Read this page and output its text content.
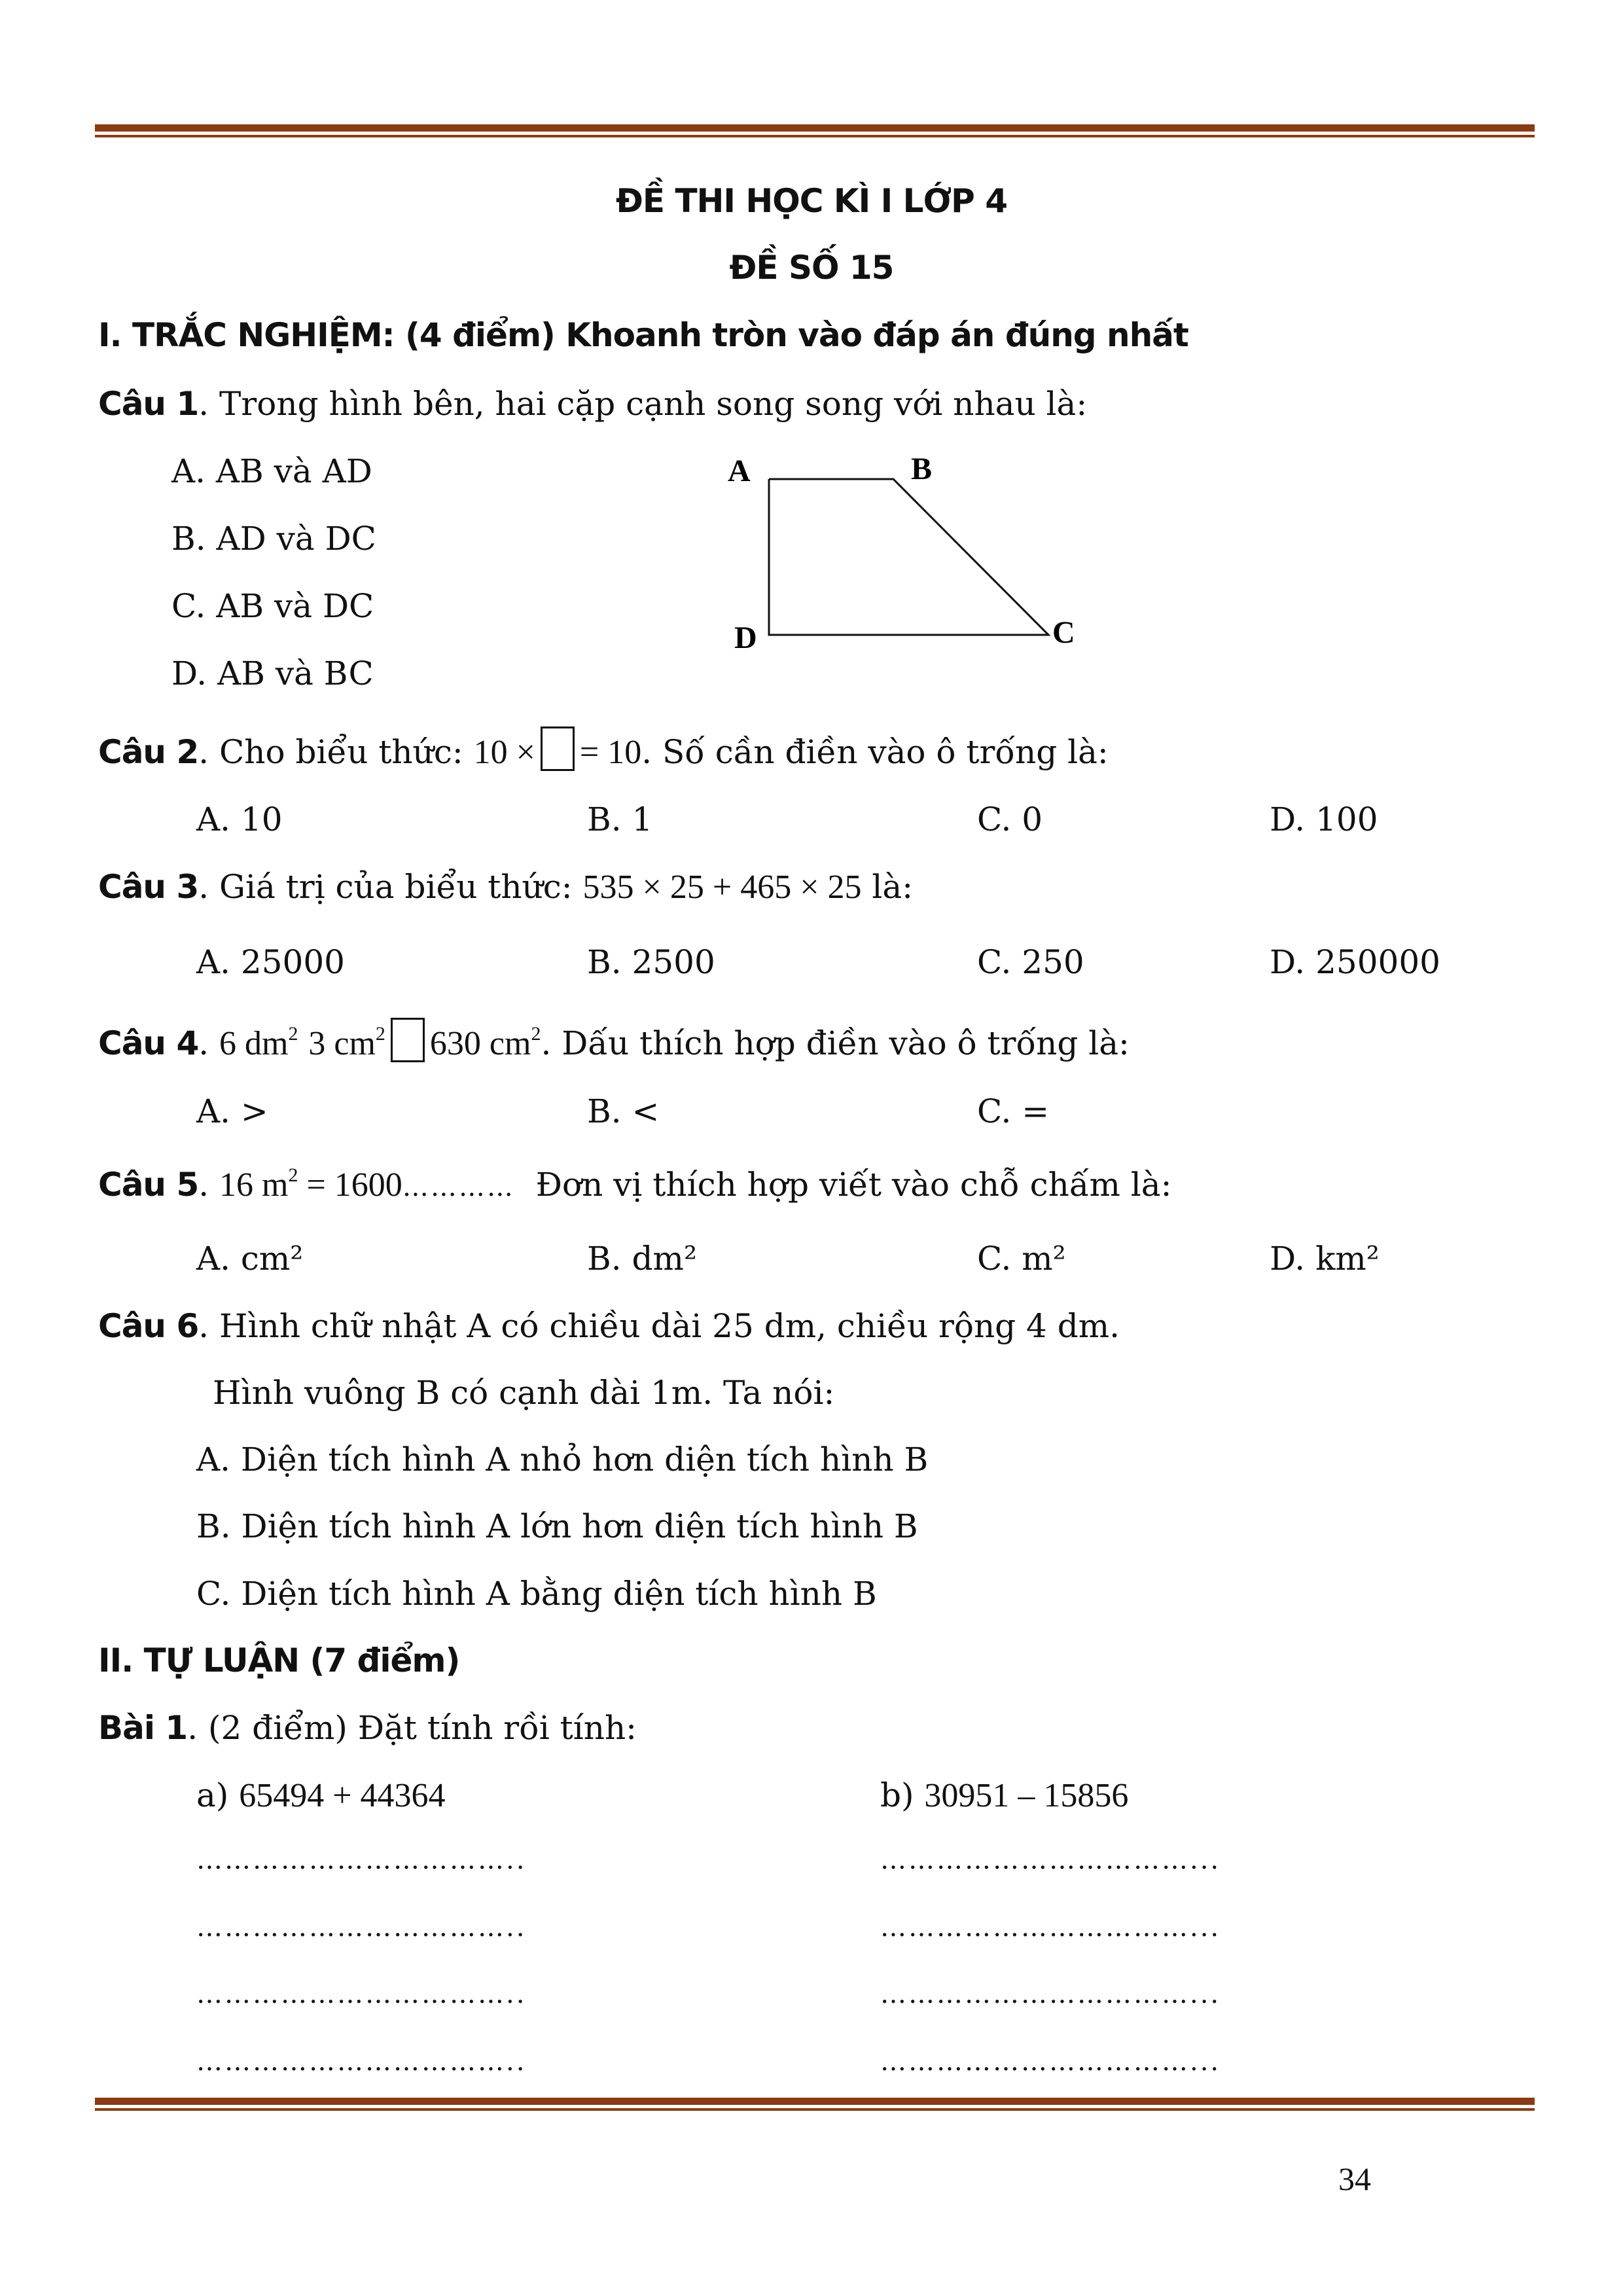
ĐỀ THI HỌC KÌ I LỚP 4
ĐỀ SỐ 15
I. TRẮC NGHIỆM: (4 điểm) Khoanh tròn vào đáp án đúng nhất
Câu 1. Trong hình bên, hai cặp cạnh song song với nhau là:
A. AB và AD
B. AD và DC
C. AB và DC
D. AB và BC
A	B
C
D
Câu 2. Cho biểu thức: 10 × = 10. Số cần điền vào ô trống là:
A. 10	B. 1	C. 0	D. 100
Câu 3. Giá trị của biểu thức: 535 × 25 + 465 × 25 là:
A. 25000	B. 2500	C. 250	D. 250000
Câu 4. 6 $dm^2$ 3 $cm^2$ 630 $cm^2$. Dấu thích hợp điền vào ô trống là:
A. >	B. <	C. =
Câu 5. 16 $m^2$ = 1600………… Đơn vị thích hợp viết vào chỗ chấm là:
A. cm²	B. dm²	C. m²	D. km²
Câu 6. Hình chữ nhật A có chiều dài 25 dm, chiều rộng 4 dm.
Hình vuông B có cạnh dài 1m. Ta nói:
A. Diện tích hình A nhỏ hơn diện tích hình B
B. Diện tích hình A lớn hơn diện tích hình B
C. Diện tích hình A bằng diện tích hình B
II. TỰ LUẬN (7 điểm)
Bài 1. (2 điểm) Đặt tính rồi tính:
a) 65494 + 44364	b) 30951 – 15856
……………………………..
……………………………..
……………………………..
……………………………..
……………………………...
……………………………...
……………………………...
……………………………...
34
